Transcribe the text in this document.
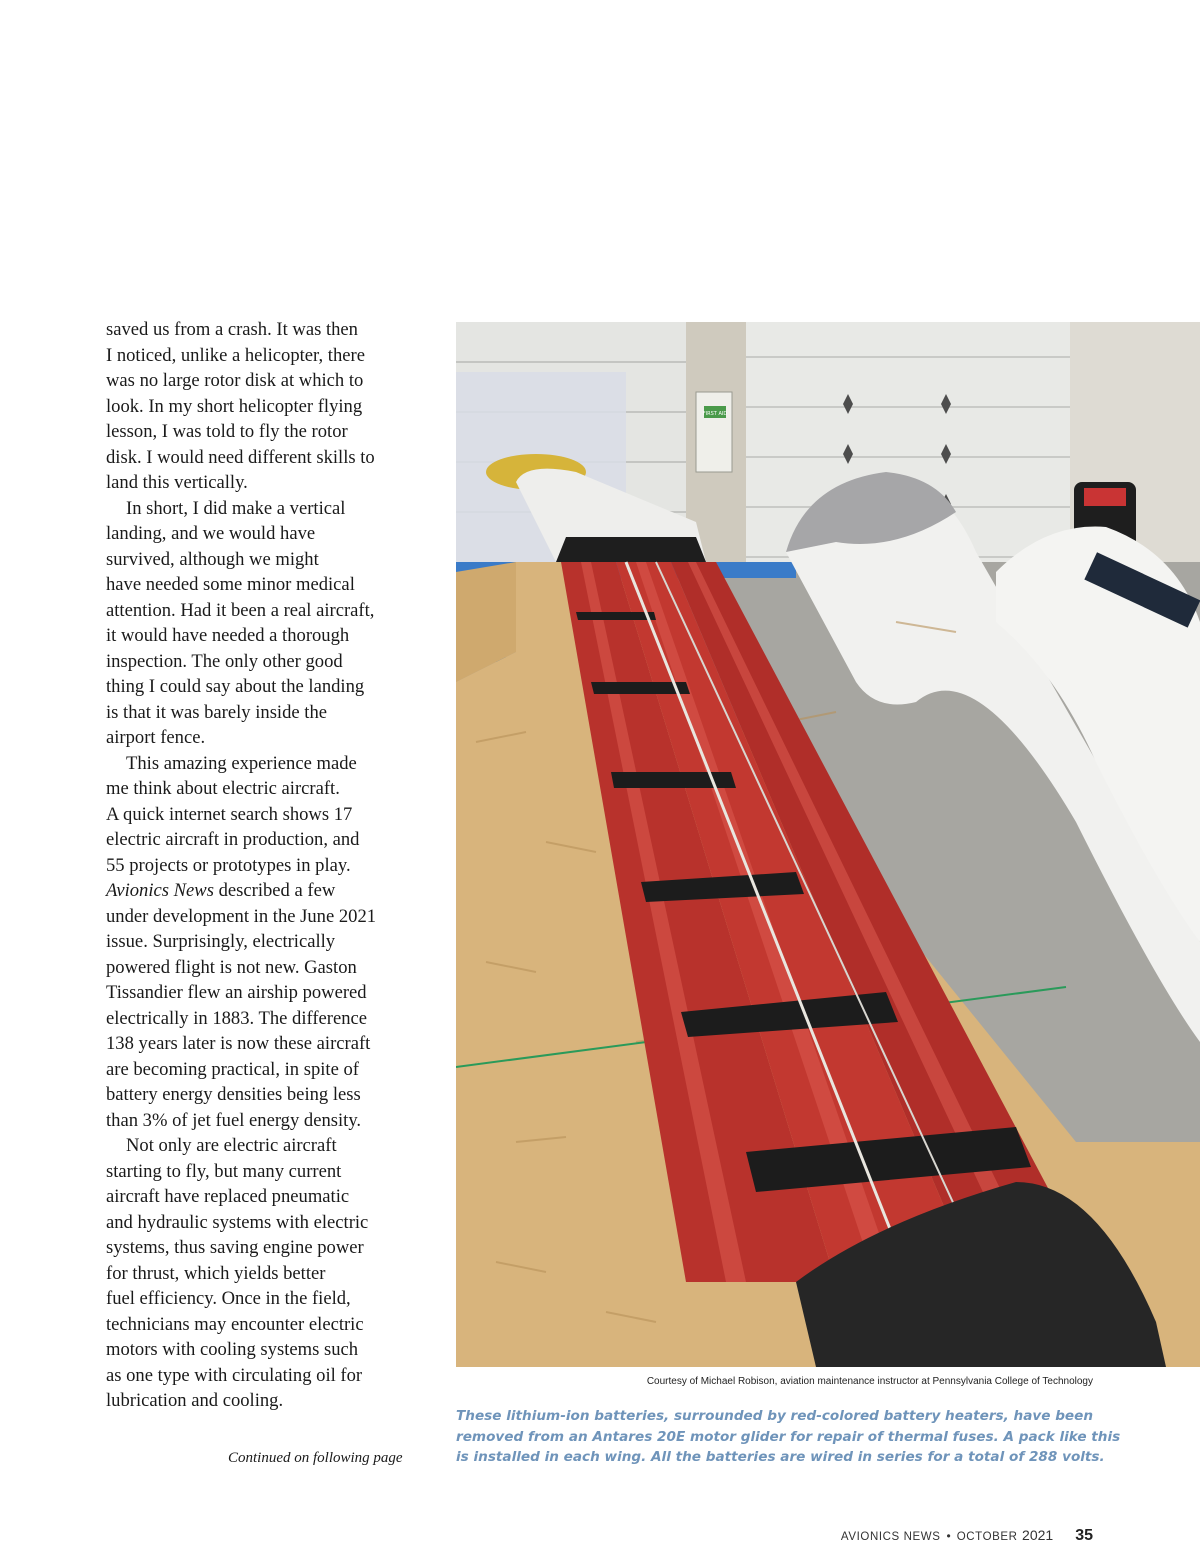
saved us from a crash. It was then
I noticed, unlike a helicopter, there
was no large rotor disk at which to
look. In my short helicopter flying
lesson, I was told to fly the rotor
disk. I would need different skills to
land this vertically.
In short, I did make a vertical
landing, and we would have
survived, although we might
have needed some minor medical
attention. Had it been a real aircraft,
it would have needed a thorough
inspection. The only other good
thing I could say about the landing
is that it was barely inside the
airport fence.
This amazing experience made
me think about electric aircraft.
A quick internet search shows 17
electric aircraft in production, and
55 projects or prototypes in play.
Avionics News described a few
under development in the June 2021
issue. Surprisingly, electrically
powered flight is not new. Gaston
Tissandier flew an airship powered
electrically in 1883. The difference
138 years later is now these aircraft
are becoming practical, in spite of
battery energy densities being less
than 3% of jet fuel energy density.
Not only are electric aircraft
starting to fly, but many current
aircraft have replaced pneumatic
and hydraulic systems with electric
systems, thus saving engine power
for thrust, which yields better
fuel efficiency. Once in the field,
technicians may encounter electric
motors with cooling systems such
as one type with circulating oil for
lubrication and cooling.
Continued on following page
FIRST AID
Courtesy of Michael Robison, aviation maintenance instructor at Pennsylvania College of Technology
These lithium-ion batteries, surrounded by red-colored battery heaters, have been
removed from an Antares 20E motor glider for repair of thermal fuses. A pack like this
is installed in each wing. All the batteries are wired in series for a total of 288 volts.
AVIONICS NEWS • OCTOBER 2021 35
